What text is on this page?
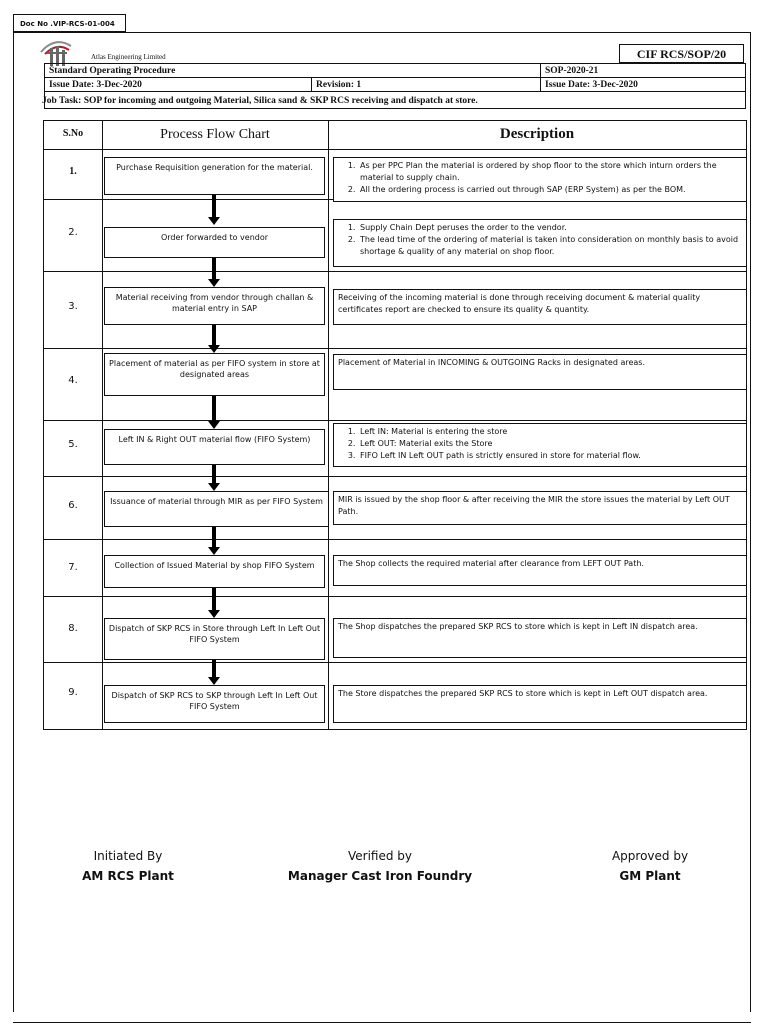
Doc No .VIP-RCS-01-004
Atlas Engineering Limited	CIF RCS/SOP/20
Standard Operating Procedure	SOP-2020-21
Issue Date: 3-Dec-2020	Revision: 1	Issue Date: 3-Dec-2020
Job Task: SOP for incoming and outgoing Material, Silica sand & SKP RCS receiving and dispatch at store.
S.No	Process Flow Chart	Description
1.	Purchase Requisition generation for the material.
1.	As per PPC Plan the material is ordered by shop floor to the store which inturn orders the material to supply chain.
2. All the ordering process is carried out through SAP (ERP System) as per the BOM.
2.	Order forwarded to vendor
1. Supply Chain Dept peruses the order to the vendor.
2. The lead time of the ordering of material is taken into consideration on monthly basis to avoid shortage & quality of any material on shop floor.
3.
Material receiving from vendor through challan & material entry in SAP
Receiving of the incoming material is done through receiving document & material quality certificates report are checked to ensure its quality & quantity.
4.
Placement of material as per FIFO system in store at designated areas
Placement of Material in INCOMING & OUTGOING Racks in designated areas.
5.	Left IN & Right OUT material flow (FIFO System)
1. Left IN: Material is entering the store
2. Left OUT: Material exits the Store
3. FIFO Left IN Left OUT path is strictly ensured in store for material flow.
6.	Issuance of material through MIR as per FIFO System	MIR is issued by the shop floor & after receiving the MIR the store issues the material by Left OUT Path.
7.	Collection of Issued Material by shop FIFO System	The Shop collects the required material after clearance from LEFT OUT Path.
8.	Dispatch of SKP RCS in Store through Left In Left Out FIFO System
The Shop dispatches the prepared SKP RCS to store which is kept in Left IN dispatch area.
9.	Dispatch of SKP RCS to SKP through Left In Left Out FIFO System
The Store dispatches the prepared SKP RCS to store which is kept in Left OUT dispatch area.
Initiated By
AM RCS Plant
Verified by
Manager Cast Iron Foundry
Approved by
GM Plant
